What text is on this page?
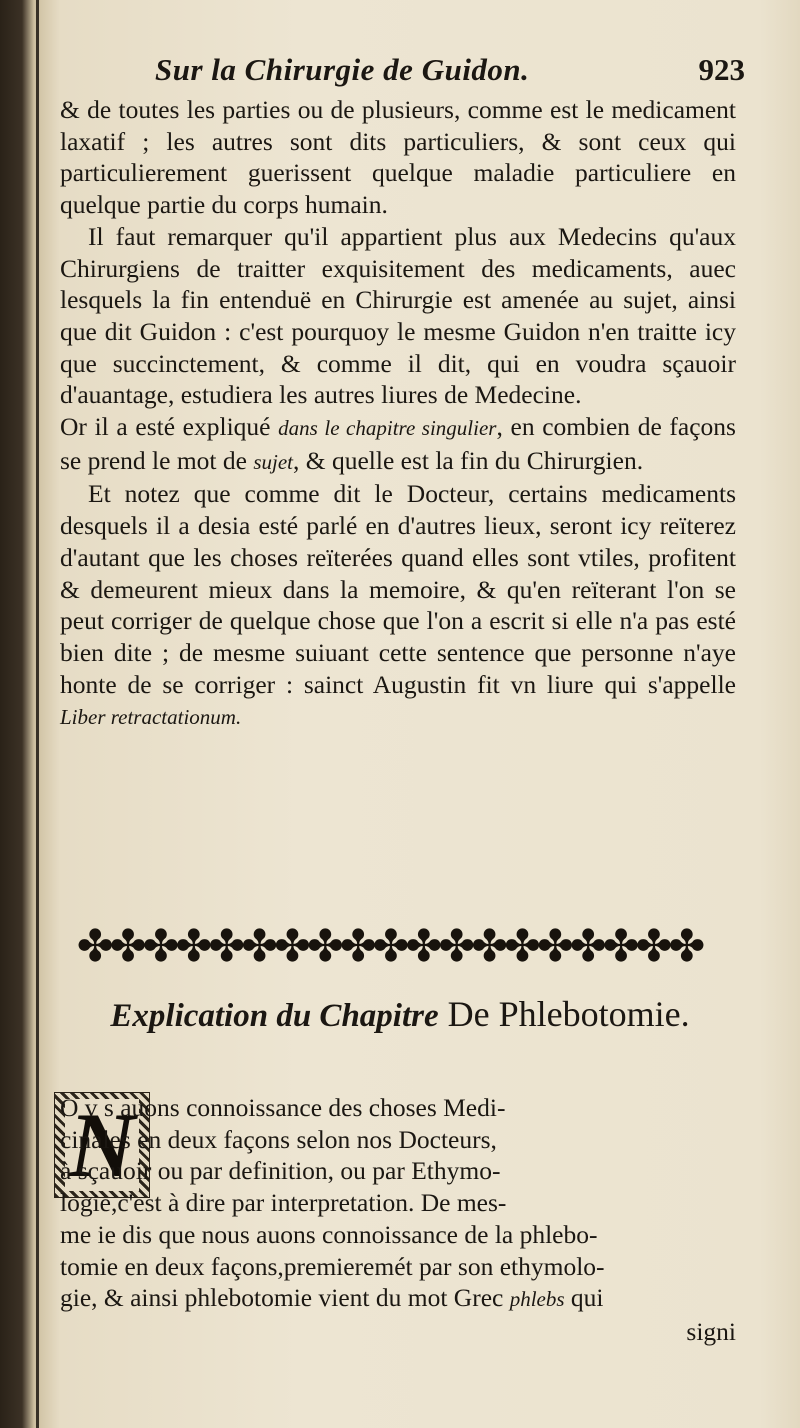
Sur la Chirurgie de Guidon.	923

& de toutes les parties ou de plusieurs, comme est le medicament laxatif ; les autres sont dits particuliers, & sont ceux qui particulierement guerissent quelque maladie particuliere en quelque partie du corps humain.

Il faut remarquer qu'il appartient plus aux Medecins qu'aux Chirurgiens de traitter exquisitement des medicaments, auec lesquels la fin entenduë en Chirurgie est amenée au sujet, ainsi que dit Guidon : c'est pourquoy le mesme Guidon n'en traitte icy que succinctement, & comme il dit, qui en voudra sçauoir d'auantage, estudiera les autres liures de Medecine.

Or il a esté expliqué dans le chapitre singulier, en combien de façons se prend le mot de sujet, & quelle est la fin du Chirurgien.

Et notez que comme dit le Docteur, certains medicaments desquels il a desia esté parlé en d'autres lieux, seront icy reïterez d'autant que les choses reïterées quand elles sont vtiles, profitent & demeurent mieux dans la memoire, & qu'en reïterant l'on se peut corriger de quelque chose que l'on a escrit si elle n'a pas esté bien dite ; de mesme suiuant cette sentence que personne n'aye honte de se corriger : sainct Augustin fit vn liure qui s'appelle Liber retractationum.

✤✤✤✤✤✤✤✤✤✤✤✤✤✤✤✤✤✤✤
Explication du Chapitre De Phlebotomie.
N

O v s auons connoissance des choses Medi-

cinales en deux façons selon nos Docteurs,

à sçauoir ou par definition, ou par Ethymo-

logie,c'est à dire par interpretation. De mes-

me ie dis que nous auons connoissance de la phlebo-

tomie en deux façons,premieremét par son ethymolo-

gie, & ainsi phlebotomie vient du mot Grec phlebs qui

signi
